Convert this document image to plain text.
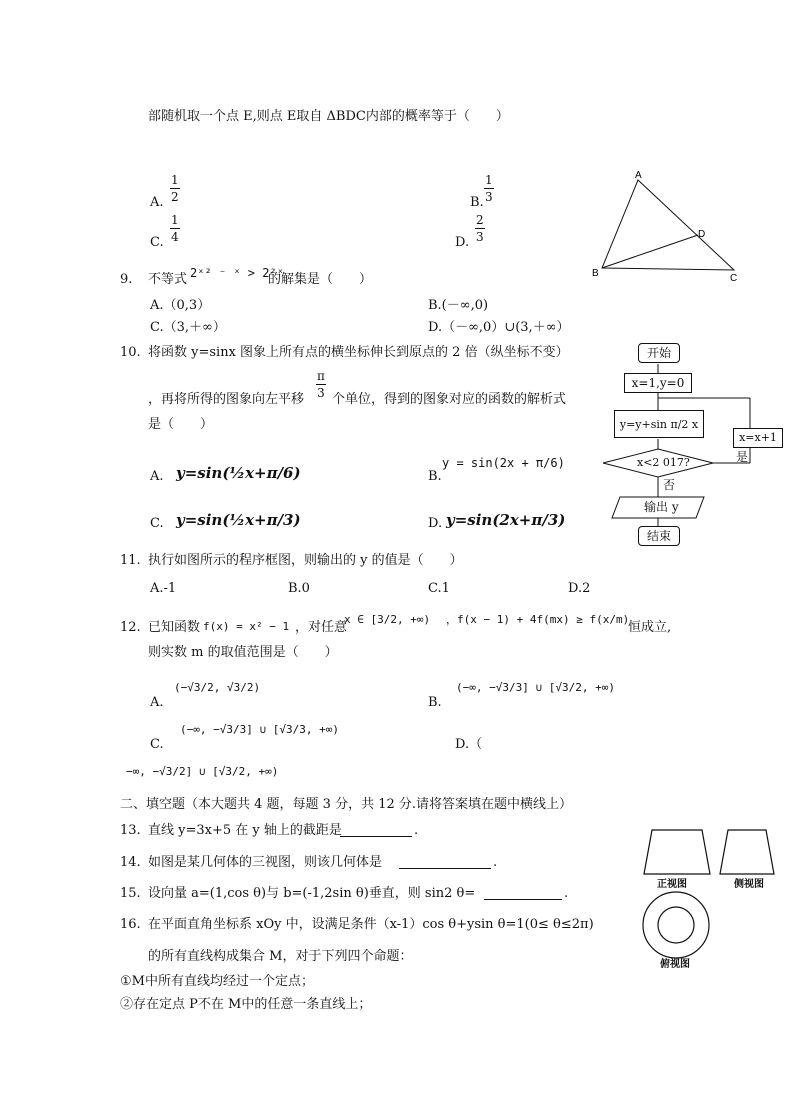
部随机取一个点 E,则点 E取自 ΔBDC内部的概率等于（　　）
A. $\frac{1}{2}$	B. $\frac{1}{3}$
C. $\frac{1}{4}$	D. $\frac{2}{3}$
A
B	C
D
9. 不等式 2ˣ² ⁻ ˣ > 2²ˣ
的解集是（　　）
A.（0,3）	B.(－∞,0)
C.（3,＋∞）	D.（－∞,0）∪(3,＋∞）
10. 将函数 y=sinx 图象上所有点的横坐标伸长到原点的 2 倍（纵坐标不变）
，再将所得的图象向左平移
$\frac{\pi}{3}$
个单位，得到的图象对应的函数的解析式
是（　　）
A. y=sin(½x+π/6)	B.
y = sin(2x + π/6)
C. y=sin(½x+π/3)	D. y=sin(2x+π/3)
开始
x=1,y=0
y=y+sin π/2 x
x<2 017?
x=x+1
是
否
输出 y
结束
11. 执行如图所示的程序框图，则输出的 y 的值是（　　）
A.-1	B.0	C.1	D.2
12. 已知函数 f(x) = x² − 1 ，对任意
x ∈ [3/2, +∞) ，f(x − 1) + 4f(mx) ≥ f(x/m)
恒成立,
则实数 m 的取值范围是（　　）
A.
(−√3/2, √3/2)
B.
(−∞, −√3/3] ∪ [√3/2, +∞)
C.
(−∞, −√3/3] ∪ [√3/3, +∞)
D.（
−∞, −√3/2] ∪ [√3/2, +∞)
二、填空题（本大题共 4 题，每题 3 分，共 12 分.请将答案填在题中横线上）
13. 直线 y=3x+5 在 y 轴上的截距是	.
14. 如图是某几何体的三视图，则该几何体是	.
15. 设向量 a=(1,cos θ)与 b=(-1,2sin θ)垂直，则 sin2 θ=	.
16. 在平面直角坐标系 xOy 中，设满足条件（x-1）cos θ+ysin θ=1(0≤ θ≤2π)
的所有直线构成集合 M，对于下列四个命题：
①M中所有直线均经过一个定点；
②存在定点 P不在 M中的任意一条直线上；
正视图	侧视图
俯视图
